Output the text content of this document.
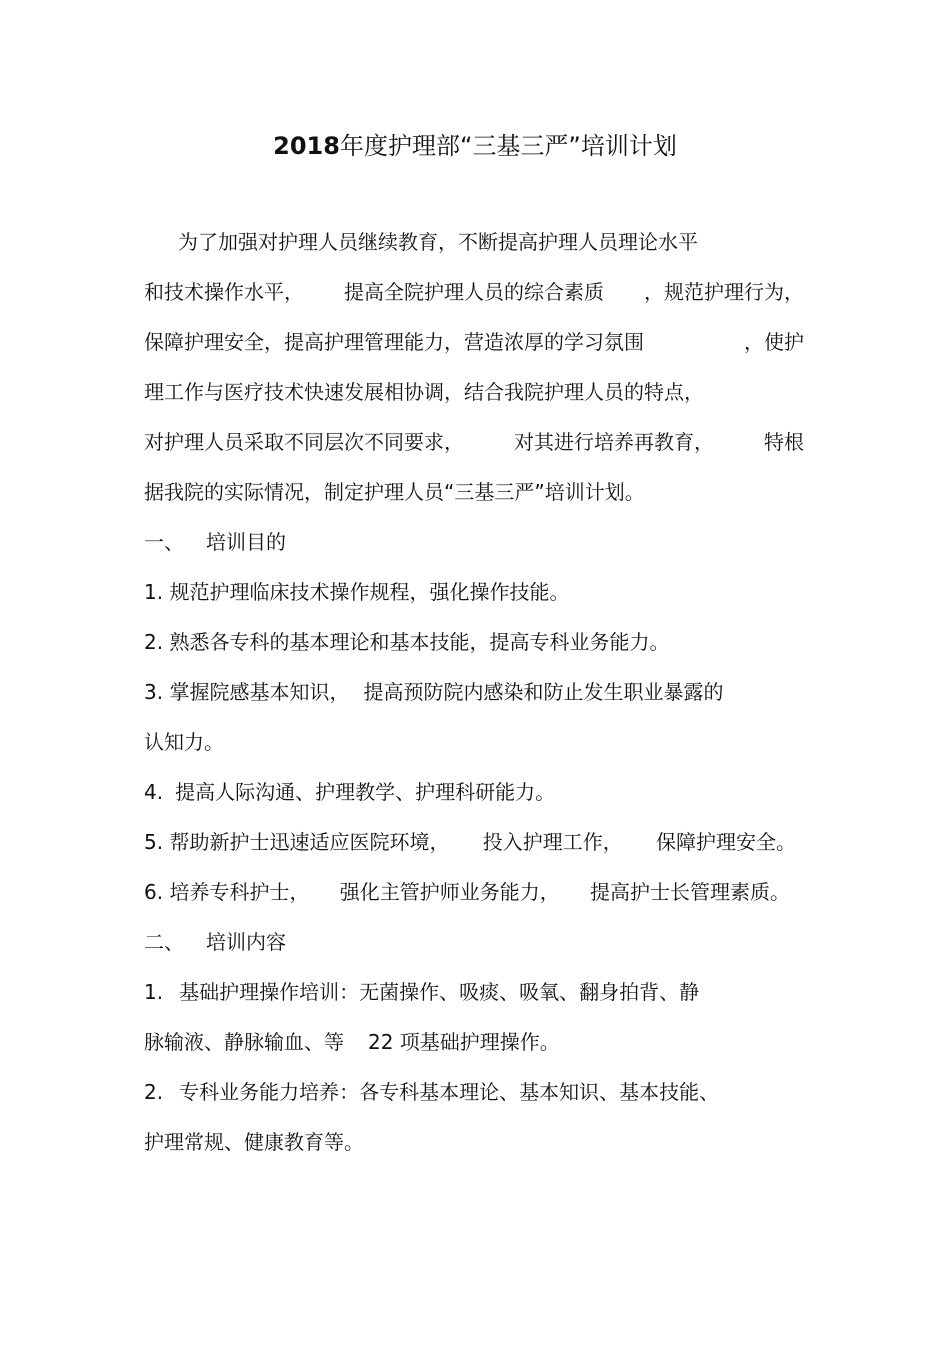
2018年度护理部“三基三严”培训计划
为了加强对护理人员继续教育，不断提高护理人员理论水平
和技术操作水平， 提高全院护理人员的综合素质 ，规范护理行为，
保障护理安全，提高护理管理能力，营造浓厚的学习氛围	，使护
理工作与医疗技术快速发展相协调，结合我院护理人员的特点，
对护理人员采取不同层次不同要求，	对其进行培养再教育，	特根
据我院的实际情况，制定护理人员“三基三严”培训计划。
一、 培训目的
1. 规范护理临床技术操作规程，强化操作技能。
2. 熟悉各专科的基本理论和基本技能，提高专科业务能力。
3. 掌握院感基本知识， 提高预防院内感染和防止发生职业暴露的
认知力。
4. 提高人际沟通、护理教学、护理科研能力。
5. 帮助新护士迅速适应医院环境， 投入护理工作， 保障护理安全。
6. 培养专科护士， 强化主管护师业务能力， 提高护士长管理素质。
二、 培训内容
1. 基础护理操作培训：无菌操作、吸痰、吸氧、翻身拍背、静
脉输液、静脉输血、等 22 项基础护理操作。
2. 专科业务能力培养：各专科基本理论、基本知识、基本技能、
护理常规、健康教育等。
